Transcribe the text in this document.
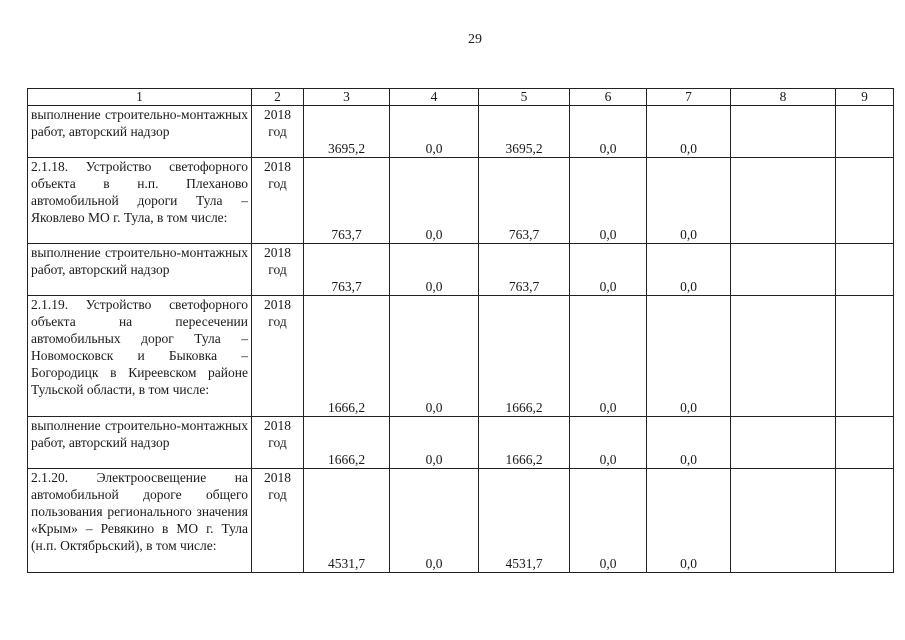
29
1	2	3	4	5	6	7	8	9
выполнение строительно-монтажных работ, авторский надзор	2018 год	3695,2	0,0	3695,2	0,0	0,0		
2.1.18. Устройство светофорного объекта в н.п. Плеханово автомобильной дороги Тула – Яковлево МО г. Тула, в том числе:	2018 год	763,7	0,0	763,7	0,0	0,0		
выполнение строительно-монтажных работ, авторский надзор	2018 год	763,7	0,0	763,7	0,0	0,0		
2.1.19. Устройство светофорного объекта на пересечении автомобильных дорог Тула – Новомосковск и Быковка – Богородицк в Киреевском районе Тульской области, в том числе:	2018 год	1666,2	0,0	1666,2	0,0	0,0		
выполнение строительно-монтажных работ, авторский надзор	2018 год	1666,2	0,0	1666,2	0,0	0,0		
2.1.20. Электроосвещение на автомобильной дороге общего пользования регионального значения «Крым» – Ревякино в МО г. Тула (н.п. Октябрьский), в том числе:	2018 год	4531,7	0,0	4531,7	0,0	0,0		
